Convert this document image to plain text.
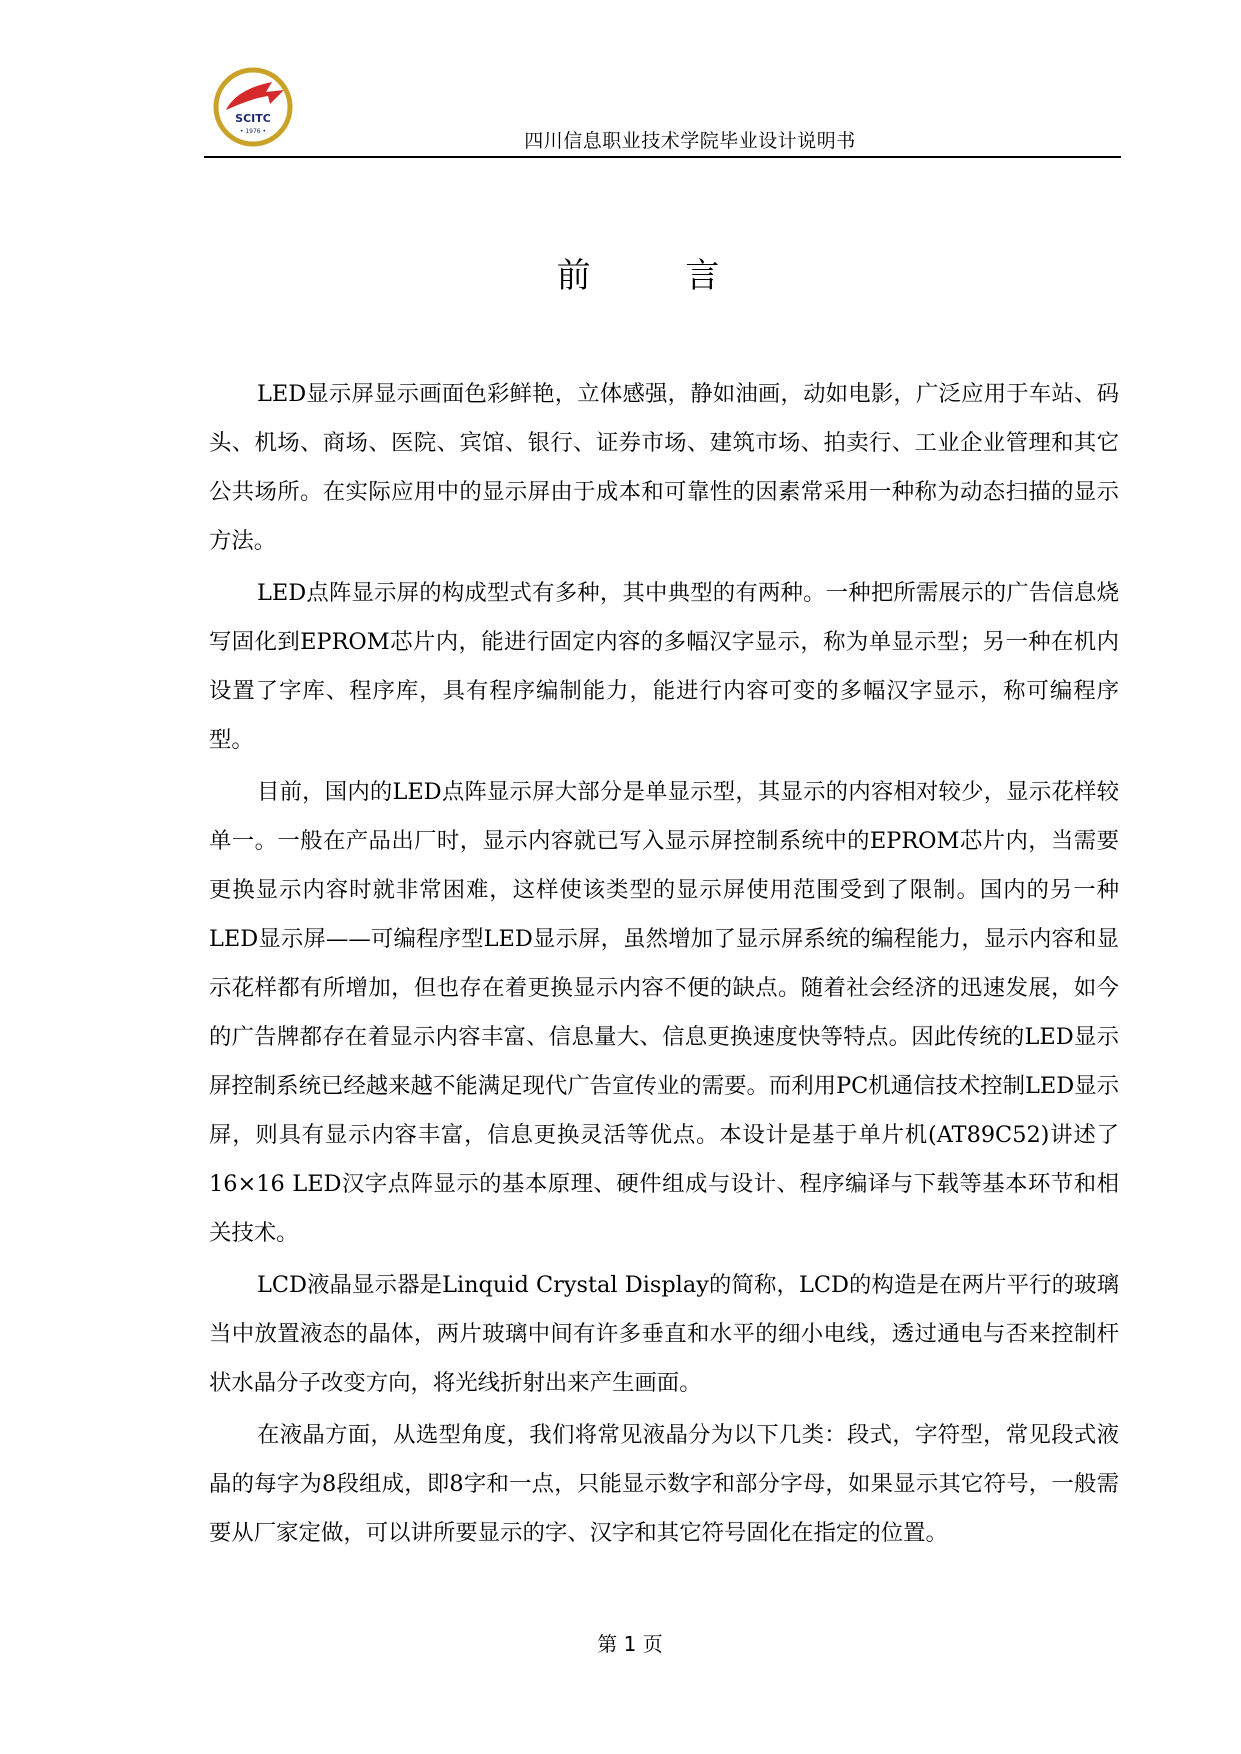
SCITC
• 1976 •	四川信息职业技术学院毕业设计说明书
前 言

LED显示屏显示画面色彩鲜艳，立体感强，静如油画，动如电影，广泛应用于车站、码头、机场、商场、医院、宾馆、银行、证券市场、建筑市场、拍卖行、工业企业管理和其它公共场所。在实际应用中的显示屏由于成本和可靠性的因素常采用一种称为动态扫描的显示方法。

LED点阵显示屏的构成型式有多种，其中典型的有两种。一种把所需展示的广告信息烧写固化到EPROM芯片内，能进行固定内容的多幅汉字显示，称为单显示型；另一种在机内设置了字库、程序库，具有程序编制能力，能进行内容可变的多幅汉字显示，称可编程序型。

目前，国内的LED点阵显示屏大部分是单显示型，其显示的内容相对较少，显示花样较单一。一般在产品出厂时，显示内容就已写入显示屏控制系统中的EPROM芯片内，当需要更换显示内容时就非常困难，这样使该类型的显示屏使用范围受到了限制。国内的另一种LED显示屏——可编程序型LED显示屏，虽然增加了显示屏系统的编程能力，显示内容和显示花样都有所增加，但也存在着更换显示内容不便的缺点。随着社会经济的迅速发展，如今的广告牌都存在着显示内容丰富、信息量大、信息更换速度快等特点。因此传统的LED显示屏控制系统已经越来越不能满足现代广告宣传业的需要。而利用PC机通信技术控制LED显示屏，则具有显示内容丰富，信息更换灵活等优点。本设计是基于单片机(AT89C52)讲述了16×16 LED汉字点阵显示的基本原理、硬件组成与设计、程序编译与下载等基本环节和相关技术。

LCD液晶显示器是Linquid Crystal Display的简称，LCD的构造是在两片平行的玻璃当中放置液态的晶体，两片玻璃中间有许多垂直和水平的细小电线，透过通电与否来控制杆状水晶分子改变方向，将光线折射出来产生画面。

在液晶方面，从选型角度，我们将常见液晶分为以下几类：段式，字符型，常见段式液晶的每字为8段组成，即8字和一点，只能显示数字和部分字母，如果显示其它符号，一般需要从厂家定做，可以讲所要显示的字、汉字和其它符号固化在指定的位置。

第 1 页
